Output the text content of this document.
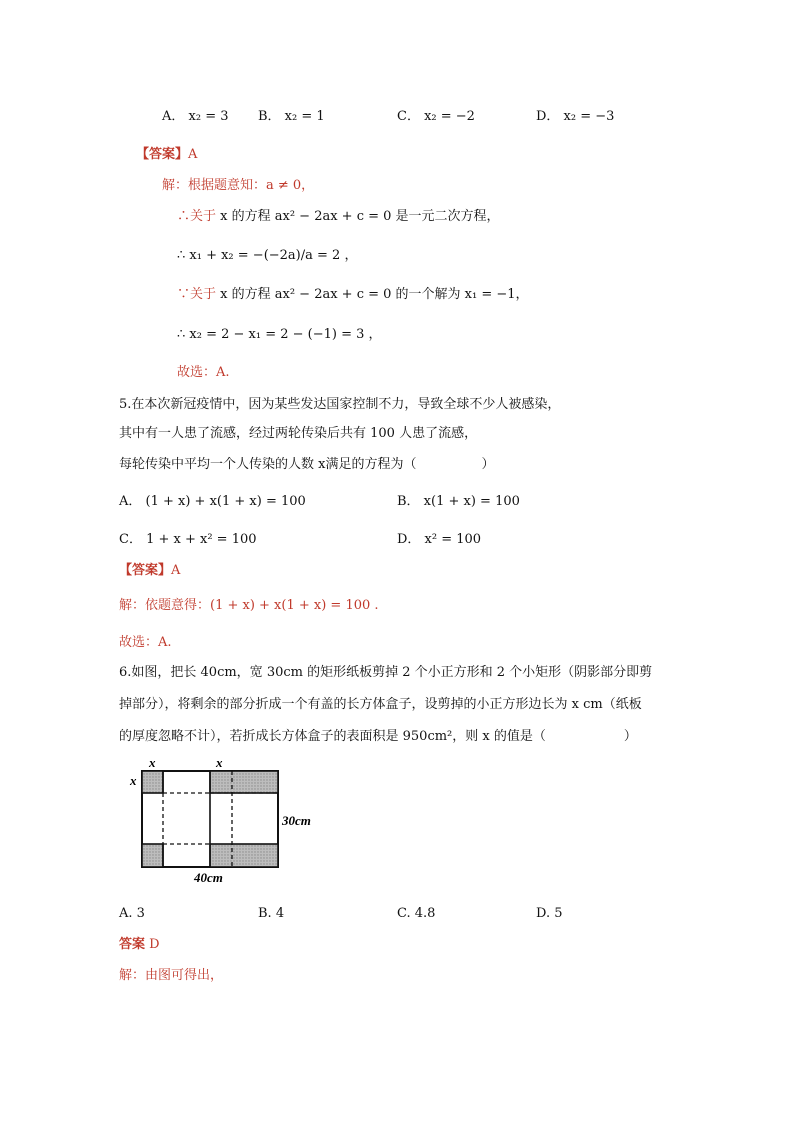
A． x₂ = 3 B． x₂ = 1	C． x₂ = −2	D． x₂ = −3
【答案】A
解：根据题意知：a ≠ 0，
∴关于 x 的方程 ax² − 2ax + c = 0 是一元二次方程，
∴ x₁ + x₂ = −(−2a)/a = 2 ，
∵关于 x 的方程 ax² − 2ax + c = 0 的一个解为 x₁ = −1，
∴ x₂ = 2 − x₁ = 2 − (−1) = 3 ，
故选：A.
5.在本次新冠疫情中，因为某些发达国家控制不力，导致全球不少人被感染，
其中有一人患了流感，经过两轮传染后共有 100 人患了流感，
每轮传染中平均一个人传染的人数 x满足的方程为（　　　　　）
A． (1 + x) + x(1 + x) = 100	B． x(1 + x) = 100
C． 1 + x + x² = 100	D． x² = 100
【答案】A
解：依题意得：(1 + x) + x(1 + x) = 100 .
故选：A.
6.如图，把长 40cm，宽 30cm 的矩形纸板剪掉 2 个小正方形和 2 个小矩形（阴影部分即剪
掉部分），将剩余的部分折成一个有盖的长方体盒子，设剪掉的小正方形边长为 x cm（纸板
的厚度忽略不计），若折成长方体盒子的表面积是 950cm²，则 x 的值是（　　　　　　）
x	x
x
30cm
40cm
A. 3	B. 4	C. 4.8	D. 5
答案 D
解：由图可得出，
